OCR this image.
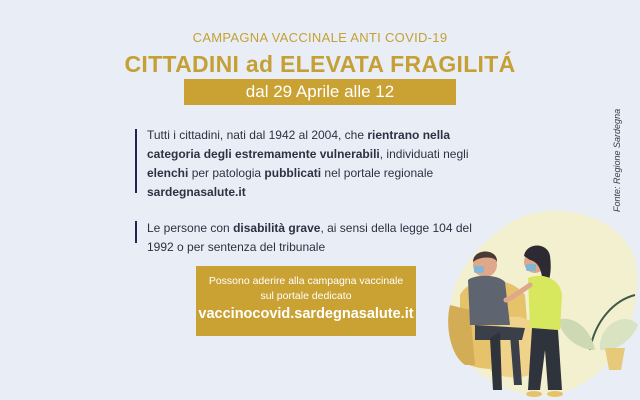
CAMPAGNA VACCINALE ANTI COVID-19
CITTADINI ad ELEVATA FRAGILITÁ
dal 29 Aprile alle 12
Tutti i cittadini, nati dal 1942 al 2004, che rientrano nella categoria degli estremamente vulnerabili, individuati negli elenchi per patologia pubblicati nel portale regionale sardegnasalute.it
Le persone con disabilità grave, ai sensi della legge 104 del 1992 o per sentenza del tribunale
Possono aderire alla campagna vaccinale
sul portale dedicato
vaccinocovid.sardegnasalute.it
Fonte: Regione Sardegna
